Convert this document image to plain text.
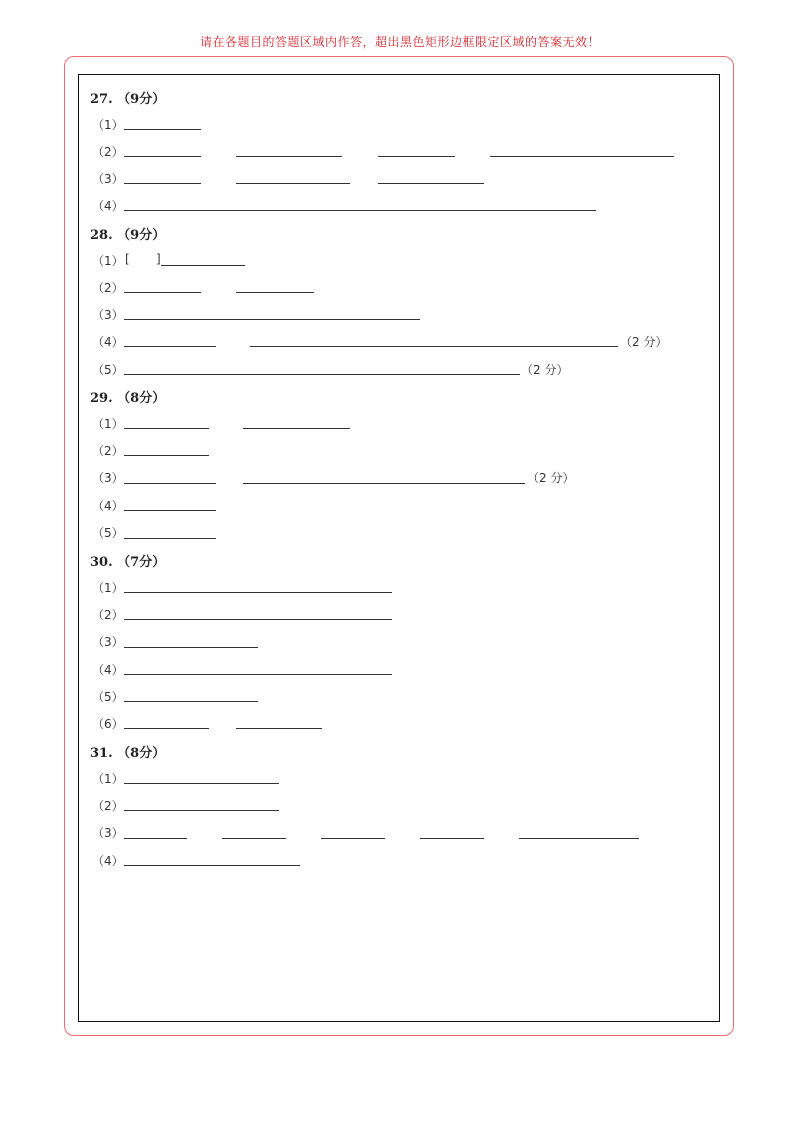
请在各题目的答题区域内作答，超出黑色矩形边框限定区域的答案无效！
27. （9分）
（1）
（2）
（3）
（4）
28. （9分）
（1） [ ]
（2）
（3）
（4）	（2 分）
（5）	（2 分）
29. （8分）
（1）
（2）
（3）	（2 分）
（4）
（5）
30. （7分）
（1）
（2）
（3）
（4）
（5）
（6）
31. （8分）
（1）
（2）
（3）
（4）
